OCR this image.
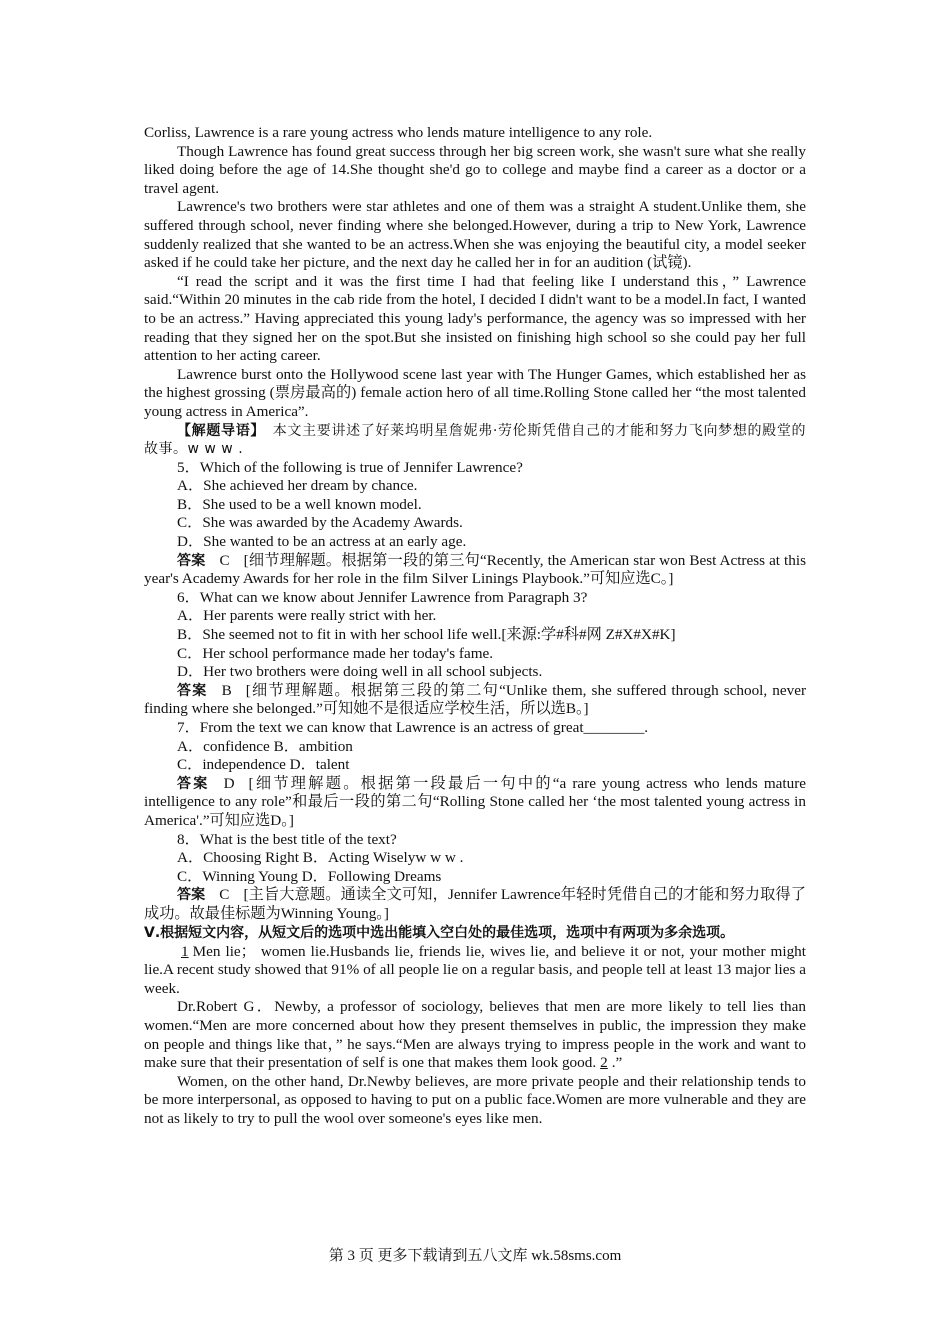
Corliss, Lawrence is a rare young actress who lends mature intelligence to any role.

Though Lawrence has found great success through her big screen work, she wasn't sure what she really liked doing before the age of 14.She thought she'd go to college and maybe find a career as a doctor or a travel agent.

Lawrence's two brothers were star athletes and one of them was a straight A student.Unlike them, she suffered through school, never finding where she belonged.However, during a trip to New York, Lawrence suddenly realized that she wanted to be an actress.When she was enjoying the beautiful city, a model seeker asked if he could take her picture, and the next day he called her in for an audition (试镜).

“I read the script and it was the first time I had that feeling like I understand this，” Lawrence said.“Within 20 minutes in the cab ride from the hotel, I decided I didn't want to be a model.In fact, I wanted to be an actress.” Having appreciated this young lady's performance, the agency was so impressed with her reading that they signed her on the spot.But she insisted on finishing high school so she could pay her full attention to her acting career.

Lawrence burst onto the Hollywood scene last year with The Hunger Games, which established her as the highest grossing (票房最高的) female action hero of all time.Rolling Stone called her “the most talented young actress in America”.

【解题导语】　 本文主要讲述了好莱坞明星詹妮弗·劳伦斯凭借自己的才能和努力飞向梦想的殿堂的故事。w w w .

5．Which of the following is true of Jennifer Lawrence?

A．She achieved her dream by chance.

B．She used to be a well known model.

C．She was awarded by the Academy Awards.

D．She wanted to be an actress at an early age.

答案 C [细节理解题。根据第一段的第三句“Recently, the American star won Best Actress at this year's Academy Awards for her role in the film Silver Linings Playbook.”可知应选C。]

6．What can we know about Jennifer Lawrence from Paragraph 3?

A．Her parents were really strict with her.

B．She seemed not to fit in with her school life well.[来源:学#科#网 Z#X#X#K]

C．Her school performance made her today's fame.

D．Her two brothers were doing well in all school subjects.

答案 B [细节理解题。根据第三段的第二句“Unlike them, she suffered through school, never finding where she belonged.”可知她不是很适应学校生活，所以选B。]

7．From the text we can know that Lawrence is an actress of great________.

A．confidence B．ambition

C．independence D．talent

答案 D [细节理解题。根据第一段最后一句中的“a rare young actress who lends mature intelligence to any role”和最后一段的第二句“Rolling Stone called her ‘the most talented young actress in America'.”可知应选D。]

8．What is the best title of the text?

A．Choosing Right B．Acting Wiselyw w w .

C．Winning Young D．Following Dreams

答案 C [主旨大意题。通读全文可知，Jennifer Lawrence年轻时凭借自己的才能和努力取得了成功。故最佳标题为Winning Young。]

Ⅴ.根据短文内容，从短文后的选项中选出能填入空白处的最佳选项，选项中有两项为多余选项。

1 Men lie； women lie.Husbands lie, friends lie, wives lie, and believe it or not, your mother might lie.A recent study showed that 91% of all people lie on a regular basis, and people tell at least 13 major lies a week.

Dr.Robert G．Newby, a professor of sociology, believes that men are more likely to tell lies than women.“Men are more concerned about how they present themselves in public, the impression they make on people and things like that，” he says.“Men are always trying to impress people in the work and want to make sure that their presentation of self is one that makes them look good. 2 .”

Women, on the other hand, Dr.Newby believes, are more private people and their relationship tends to be more interpersonal, as opposed to having to put on a public face.Women are more vulnerable and they are not as likely to try to pull the wool over someone's eyes like men.

第 3 页 更多下载请到五八文库 wk.58sms.com
